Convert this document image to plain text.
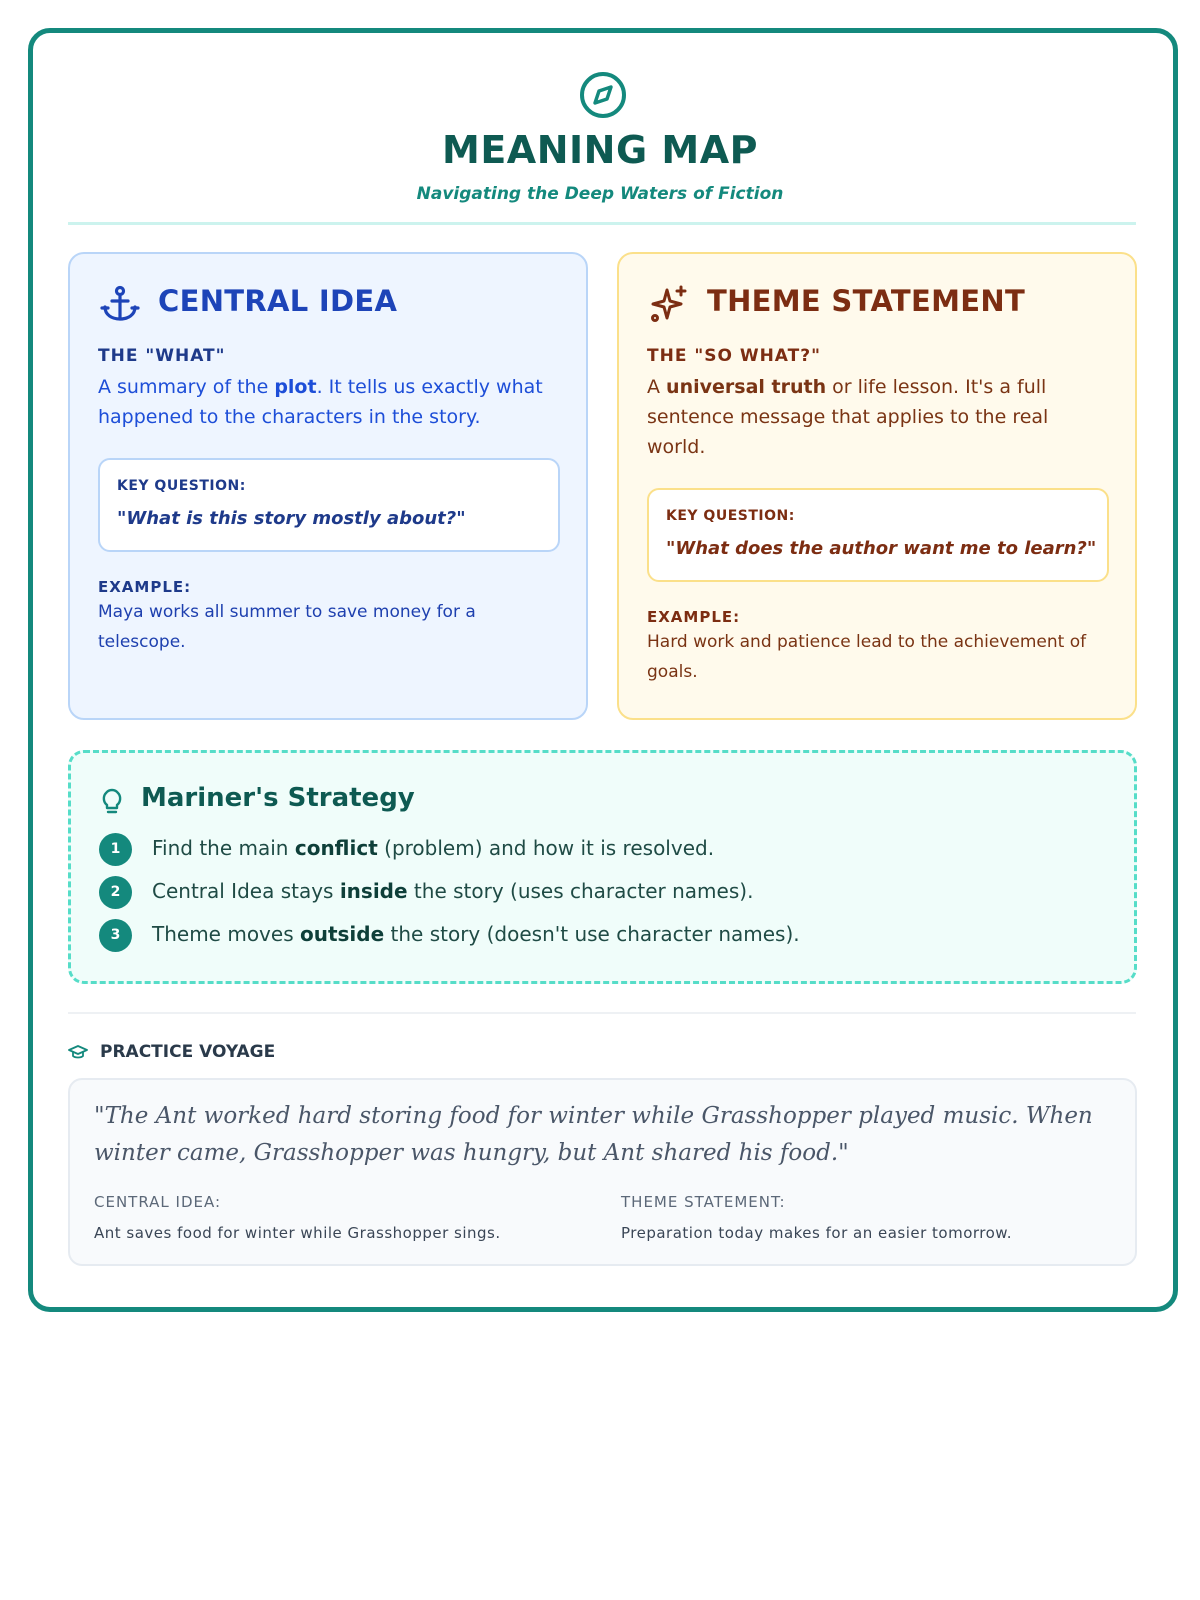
MEANING MAP
Navigating the Deep Waters of Fiction
CENTRAL IDEA
THE "WHAT"
A summary of the plot. It tells us exactly what happened to the characters in the story.
KEY QUESTION:
"What is this story mostly about?"
EXAMPLE:
Maya works all summer to save money for a telescope.
THEME STATEMENT
THE "SO WHAT?"
A universal truth or life lesson. It's a full sentence message that applies to the real world.
KEY QUESTION:
"What does the author want me to learn?"
EXAMPLE:
Hard work and patience lead to the achievement of goals.
Mariner's Strategy
1	Find the main conflict (problem) and how it is resolved.
2	Central Idea stays inside the story (uses character names).
3	Theme moves outside the story (doesn't use character names).
PRACTICE VOYAGE
"The Ant worked hard storing food for winter while Grasshopper played music. When winter came, Grasshopper was hungry, but Ant shared his food."
CENTRAL IDEA:
Ant saves food for winter while Grasshopper sings.
THEME STATEMENT:
Preparation today makes for an easier tomorrow.
